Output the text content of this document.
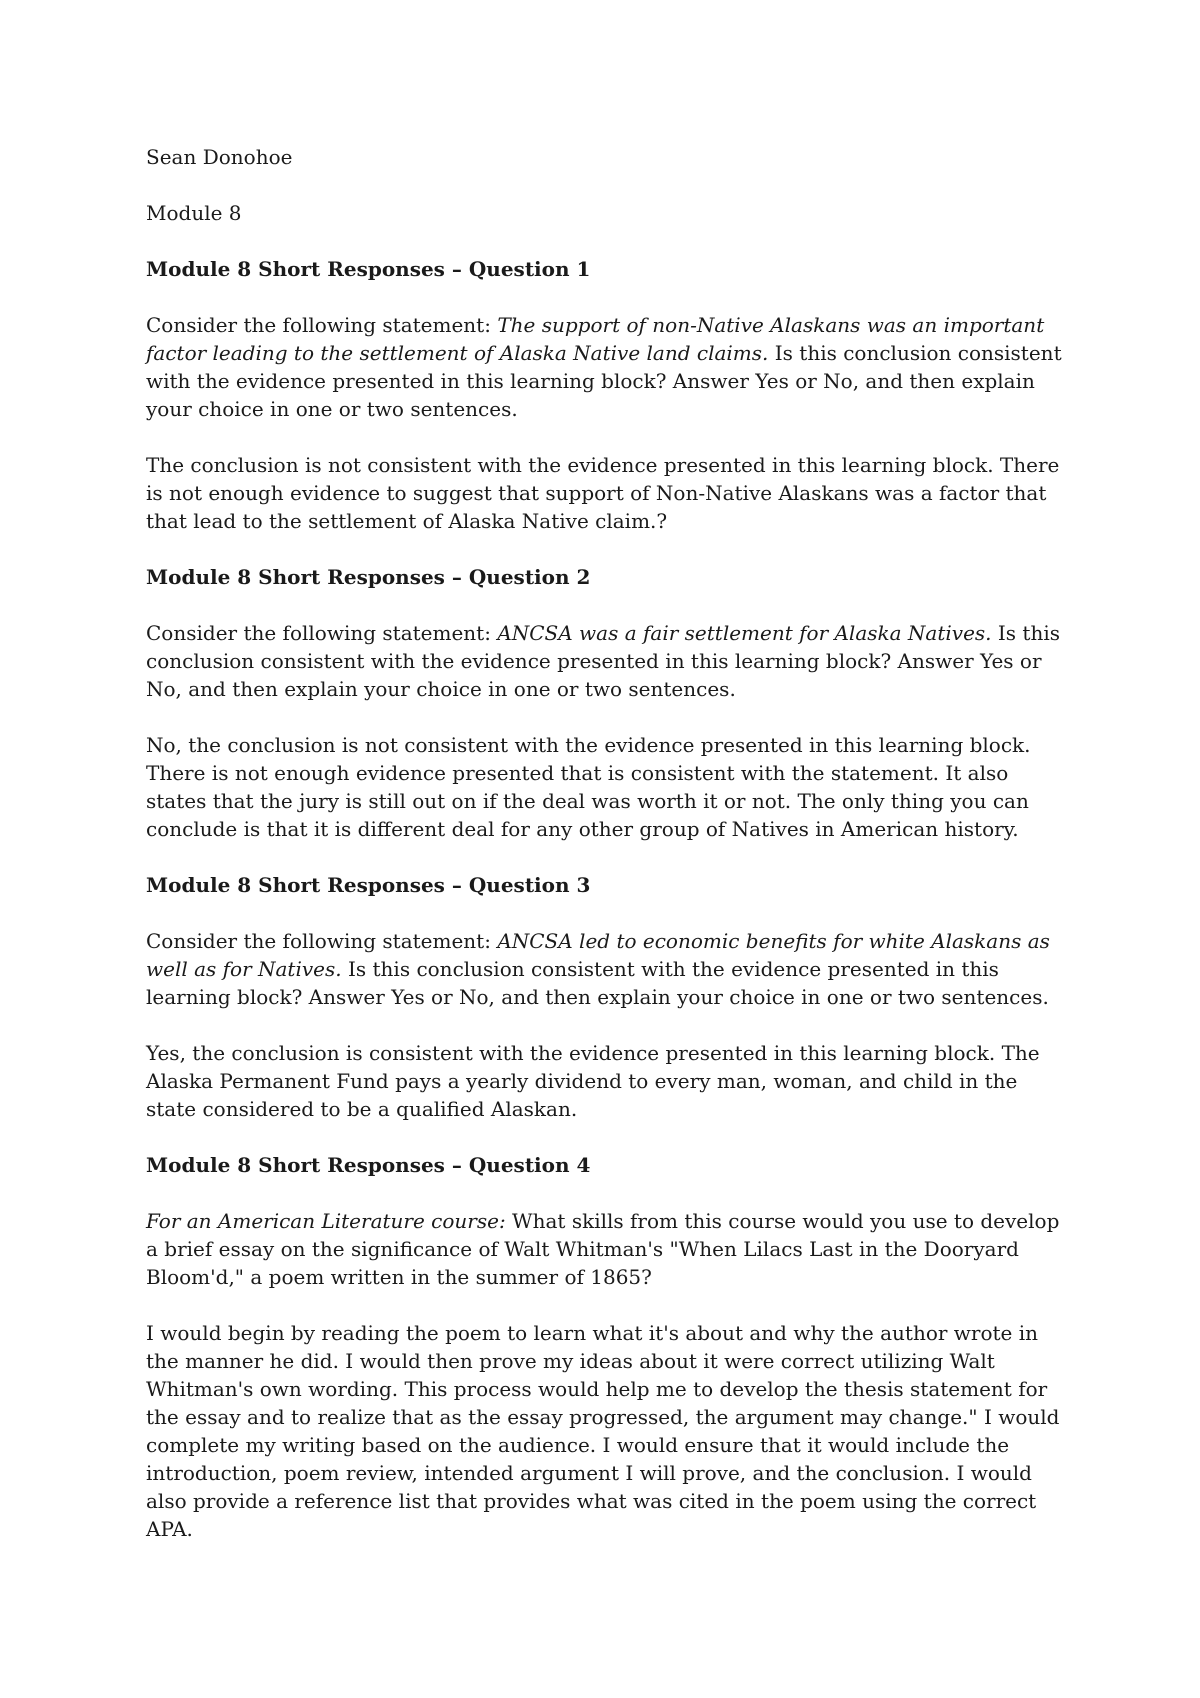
Sean Donohoe

Module 8

Module 8 Short Responses – Question 1

Consider the following statement: The support of non-Native Alaskans was an important factor leading to the settlement of Alaska Native land claims. Is this conclusion consistent with the evidence presented in this learning block? Answer Yes or No, and then explain your choice in one or two sentences.

The conclusion is not consistent with the evidence presented in this learning block. There is not enough evidence to suggest that support of Non-Native Alaskans was a factor that that lead to the settlement of Alaska Native claim.?

Module 8 Short Responses – Question 2

Consider the following statement: ANCSA was a fair settlement for Alaska Natives. Is this conclusion consistent with the evidence presented in this learning block? Answer Yes or No, and then explain your choice in one or two sentences.

No, the conclusion is not consistent with the evidence presented in this learning block. There is not enough evidence presented that is consistent with the statement. It also states that the jury is still out on if the deal was worth it or not. The only thing you can conclude is that it is different deal for any other group of Natives in American history.

Module 8 Short Responses – Question 3

Consider the following statement: ANCSA led to economic benefits for white Alaskans as well as for Natives. Is this conclusion consistent with the evidence presented in this learning block? Answer Yes or No, and then explain your choice in one or two sentences.

Yes, the conclusion is consistent with the evidence presented in this learning block. The Alaska Permanent Fund pays a yearly dividend to every man, woman, and child in the state considered to be a qualified Alaskan.

Module 8 Short Responses – Question 4

For an American Literature course: What skills from this course would you use to develop a brief essay on the significance of Walt Whitman's "When Lilacs Last in the Dooryard Bloom'd," a poem written in the summer of 1865?

I would begin by reading the poem to learn what it's about and why the author wrote in the manner he did. I would then prove my ideas about it were correct utilizing Walt Whitman's own wording. This process would help me to develop the thesis statement for the essay and to realize that as the essay progressed, the argument may change." I would complete my writing based on the audience. I would ensure that it would include the introduction, poem review, intended argument I will prove, and the conclusion. I would also provide a reference list that provides what was cited in the poem using the correct APA.
